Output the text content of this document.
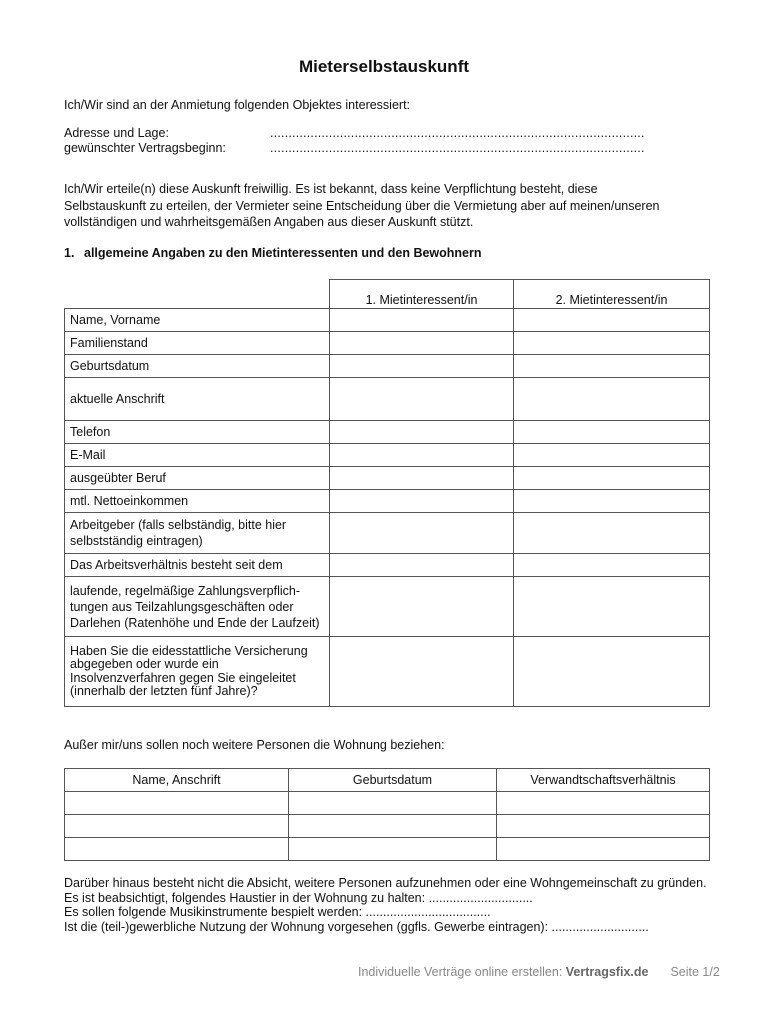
Mieterselbstauskunft
Ich/Wir sind an der Anmietung folgenden Objektes interessiert:
Adresse und Lage:	......................................................................................................
gewünschter Vertragsbeginn:	......................................................................................................
Ich/Wir erteile(n) diese Auskunft freiwillig. Es ist bekannt, dass keine Verpflichtung besteht, diese
Selbstauskunft zu erteilen, der Vermieter seine Entscheidung über die Vermietung aber auf meinen/unseren
vollständigen und wahrheitsgemäßen Angaben aus dieser Auskunft stützt.
1. allgemeine Angaben zu den Mietinteressenten und den Bewohnern
	1. Mietinteressent/in	2. Mietinteressent/in

Name, Vorname		

Familienstand		

Geburtsdatum		

aktuelle Anschrift		

Telefon		

E-Mail		

ausgeübter Beruf		

mtl. Nettoeinkommen		

Arbeitgeber (falls selbständig, bitte hier
selbstständig eintragen)		

Das Arbeitsverhältnis besteht seit dem		

laufende, regelmäßige Zahlungsverpflich-
tungen aus Teilzahlungsgeschäften oder
Darlehen (Ratenhöhe und Ende der Laufzeit)		

Haben Sie die eidesstattliche Versicherung
abgegeben oder wurde ein
Insolvenzverfahren gegen Sie eingeleitet
(innerhalb der letzten fünf Jahre)?		

Außer mir/uns sollen noch weitere Personen die Wohnung beziehen:
Name, Anschrift	Geburtsdatum	Verwandtschaftsverhältnis

Darüber hinaus besteht nicht die Absicht, weitere Personen aufzunehmen oder eine Wohngemeinschaft zu gründen.
Es ist beabsichtigt, folgendes Haustier in der Wohnung zu halten: ..............................
Es sollen folgende Musikinstrumente bespielt werden: ....................................
Ist die (teil-)gewerbliche Nutzung der Wohnung vorgesehen (ggfls. Gewerbe eintragen): ............................
Individuelle Verträge online erstellen: Vertragsfix.de Seite 1/2
